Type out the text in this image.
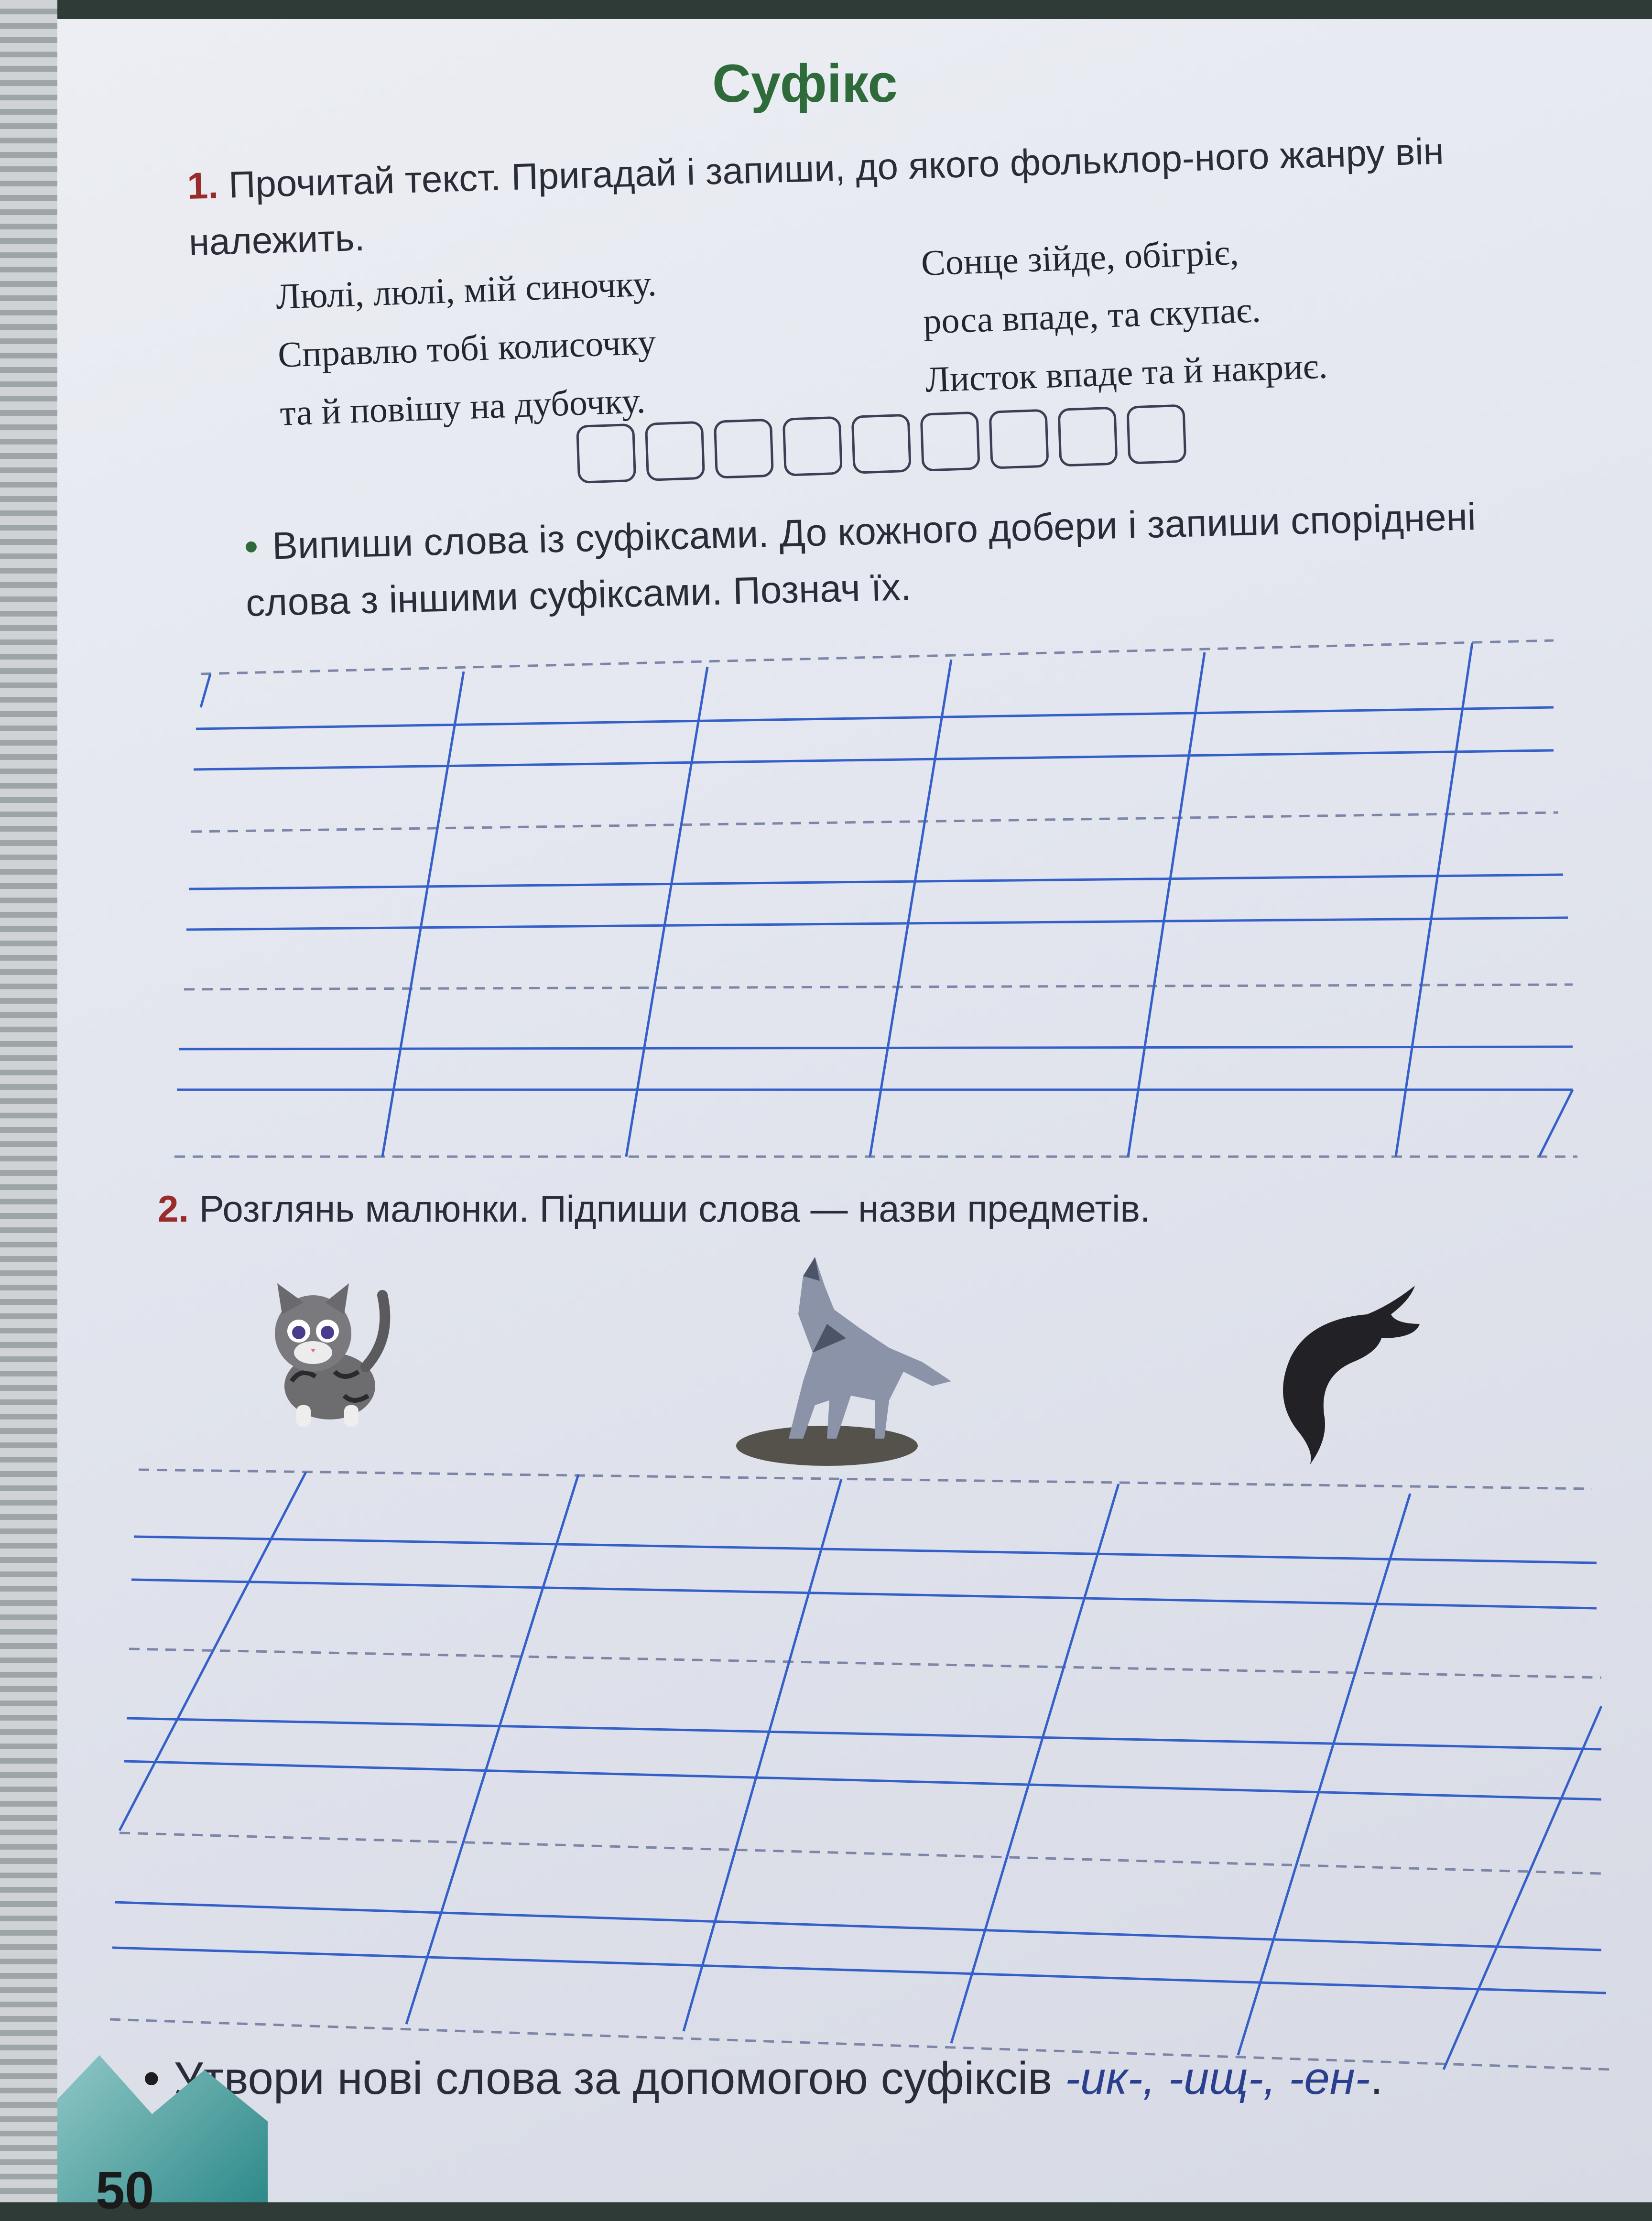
Суфікс

1. Прочитай текст. Пригадай і запиши, до якого фольклор-ного жанру він належить.

Люлі, люлі, мій синочку.
Справлю тобі колисочку
та й повішу на дубочку.
Сонце зійде, обігріє,
роса впаде, та скупає.
Листок впаде та й накриє.

• Випиши слова із суфіксами. До кожного добери і запиши споріднені слова з іншими суфіксами. Познач їх.

2. Розглянь малюнки. Підпиши слова — назви предметів.

• Утвори нові слова за допомогою суфіксів -ик-, -ищ-, -ен-.

50
